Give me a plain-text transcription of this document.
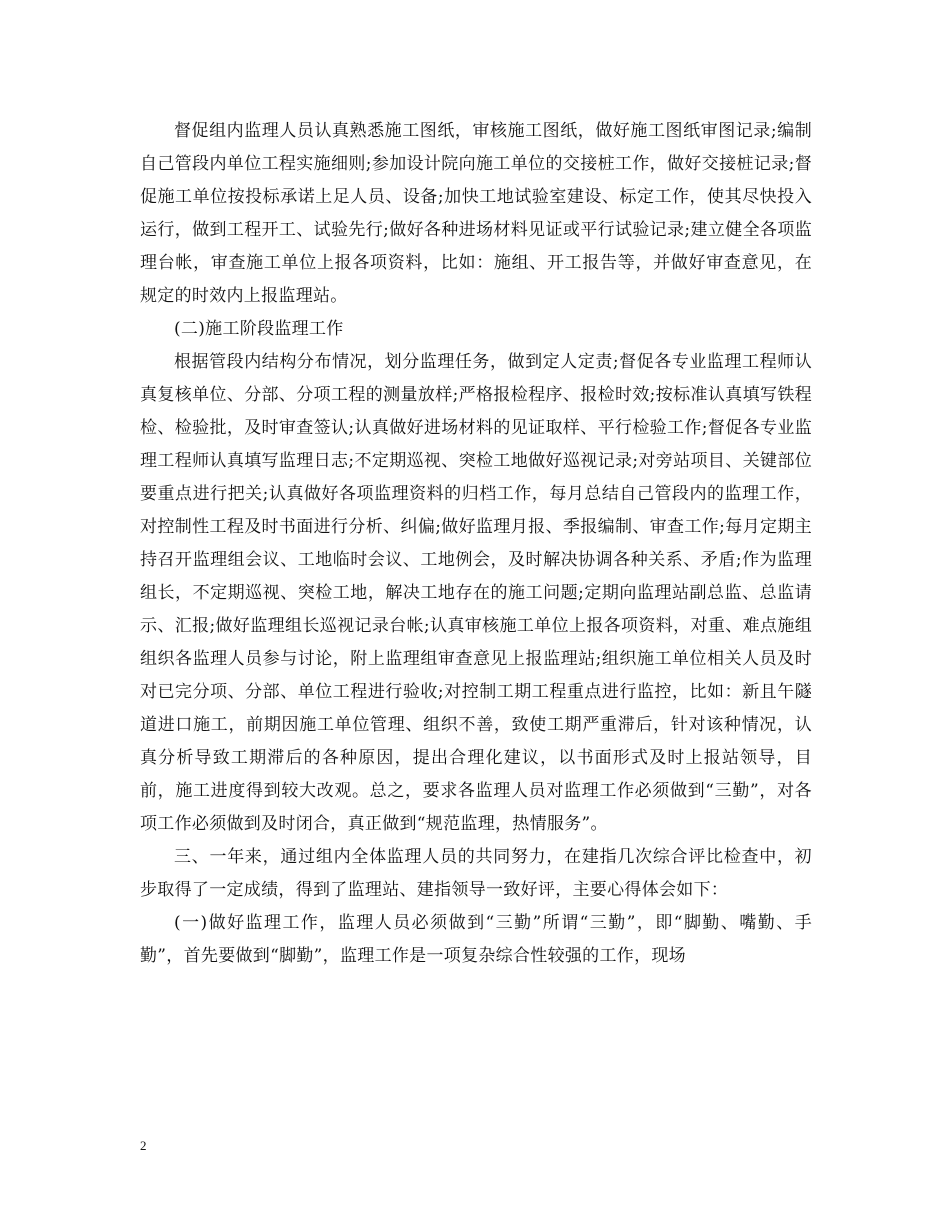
督促组内监理人员认真熟悉施工图纸，审核施工图纸，做好施工图纸审图记录;编制自己管段内单位工程实施细则;参加设计院向施工单位的交接桩工作，做好交接桩记录;督促施工单位按投标承诺上足人员、设备;加快工地试验室建设、标定工作，使其尽快投入运行，做到工程开工、试验先行;做好各种进场材料见证或平行试验记录;建立健全各项监理台帐，审查施工单位上报各项资料，比如：施组、开工报告等，并做好审查意见，在规定的时效内上报监理站。

(二)施工阶段监理工作

根据管段内结构分布情况，划分监理任务，做到定人定责;督促各专业监理工程师认真复核单位、分部、分项工程的测量放样;严格报检程序、报检时效;按标准认真填写铁程检、检验批，及时审查签认;认真做好进场材料的见证取样、平行检验工作;督促各专业监理工程师认真填写监理日志;不定期巡视、突检工地做好巡视记录;对旁站项目、关键部位要重点进行把关;认真做好各项监理资料的归档工作，每月总结自己管段内的监理工作，对控制性工程及时书面进行分析、纠偏;做好监理月报、季报编制、审查工作;每月定期主持召开监理组会议、工地临时会议、工地例会，及时解决协调各种关系、矛盾;作为监理组长，不定期巡视、突检工地，解决工地存在的施工问题;定期向监理站副总监、总监请示、汇报;做好监理组长巡视记录台帐;认真审核施工单位上报各项资料，对重、难点施组组织各监理人员参与讨论，附上监理组审查意见上报监理站;组织施工单位相关人员及时对已完分项、分部、单位工程进行验收;对控制工期工程重点进行监控，比如：新且午隧道进口施工，前期因施工单位管理、组织不善，致使工期严重滞后，针对该种情况，认真分析导致工期滞后的各种原因，提出合理化建议，以书面形式及时上报站领导，目前，施工进度得到较大改观。总之，要求各监理人员对监理工作必须做到“三勤”，对各项工作必须做到及时闭合，真正做到“规范监理，热情服务”。

三、一年来，通过组内全体监理人员的共同努力，在建指几次综合评比检查中，初步取得了一定成绩，得到了监理站、建指领导一致好评，主要心得体会如下：

(一)做好监理工作，监理人员必须做到“三勤”所谓“三勤”，即“脚勤、嘴勤、手勤”，首先要做到“脚勤”，监理工作是一项复杂综合性较强的工作，现场

2
